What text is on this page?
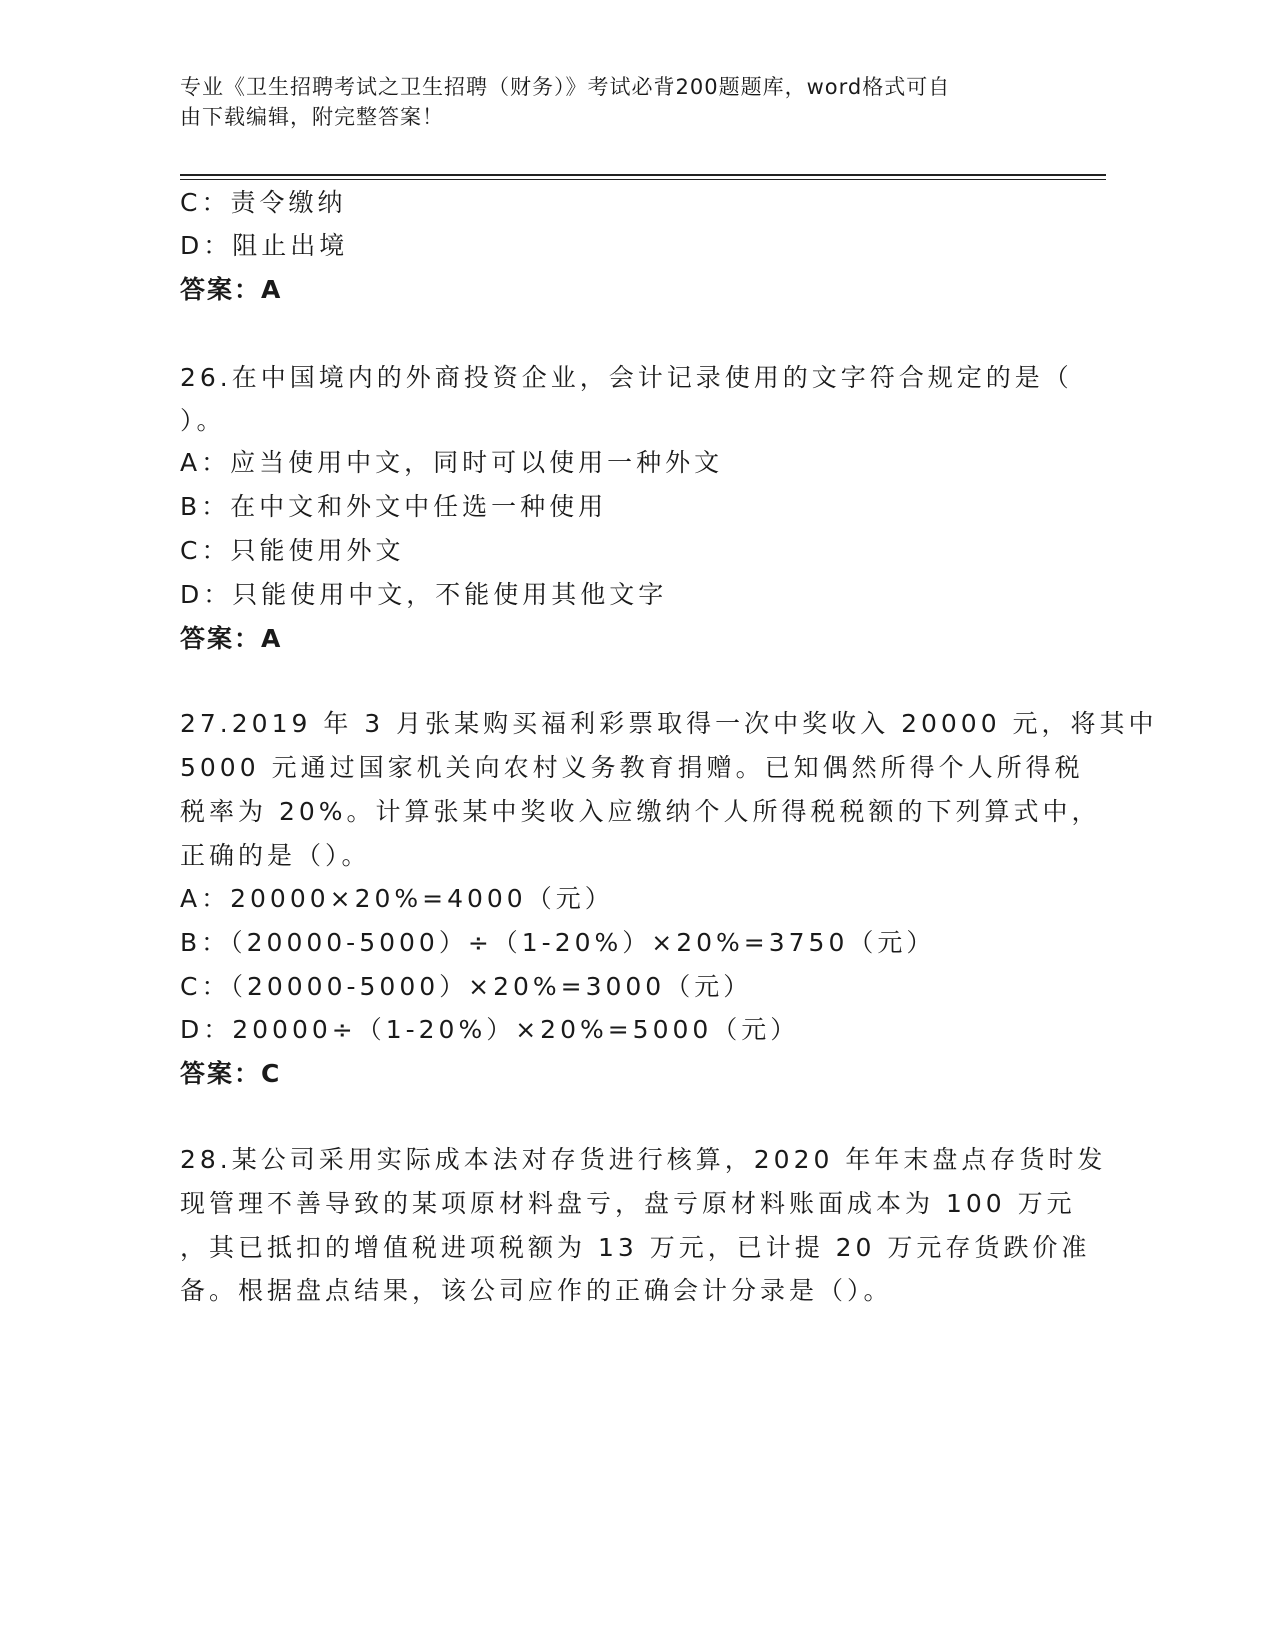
专业《卫生招聘考试之卫生招聘（财务）》考试必背200题题库，word格式可自
由下载编辑，附完整答案！
C：责令缴纳
D：阻止出境
答案：A
26.在中国境内的外商投资企业，会计记录使用的文字符合规定的是（
）。
A：应当使用中文，同时可以使用一种外文
B：在中文和外文中任选一种使用
C：只能使用外文
D：只能使用中文，不能使用其他文字
答案：A
27.2019 年 3 月张某购买福利彩票取得一次中奖收入 20000 元，将其中
5000 元通过国家机关向农村义务教育捐赠。已知偶然所得个人所得税
税率为 20%。计算张某中奖收入应缴纳个人所得税税额的下列算式中，
正确的是（）。
A：20000×20%=4000（元）
B：（20000-5000）÷（1-20%）×20%=3750（元）
C：（20000-5000）×20%=3000（元）
D：20000÷（1-20%）×20%=5000（元）
答案：C
28.某公司采用实际成本法对存货进行核算，2020 年年末盘点存货时发
现管理不善导致的某项原材料盘亏，盘亏原材料账面成本为 100 万元
，其已抵扣的增值税进项税额为 13 万元，已计提 20 万元存货跌价准
备。根据盘点结果，该公司应作的正确会计分录是（）。
